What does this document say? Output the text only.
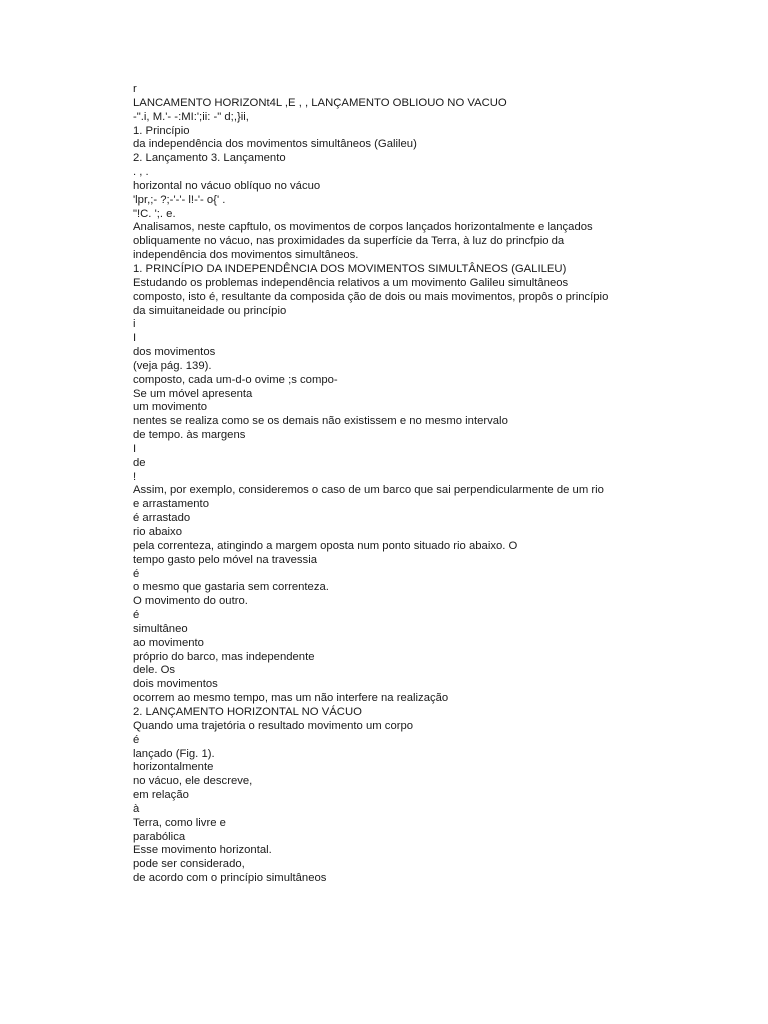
r
LANCAMENTO HORIZONt4L ,E , , LANÇAMENTO OBLIOUO NO VACUO
-".i, M.'- -:MI:';ii: -" d;,}ii,
1. Princípio
da independência dos movimentos simultâneos (Galileu)
2. Lançamento 3. Lançamento
. , .
horizontal no vácuo oblíquo no vácuo
'lpr,;- ?;-'-'- l!-'- o{' .
"!C. ';. e.
Analisamos, neste capftulo, os movimentos de corpos lançados horizontalmente e lançados
obliquamente no vácuo, nas proximidades da superfície da Terra, à luz do princfpio da
independência dos movimentos simultâneos.
1. PRINCÍPIO DA INDEPENDÊNCIA DOS MOVIMENTOS SIMULTÂNEOS (GALILEU)
Estudando os problemas independência relativos a um movimento Galileu simultâneos
composto, isto é, resultante da composida ção de dois ou mais movimentos, propôs o princípio
da simuitaneidade ou princípio
i
I
dos movimentos
(veja pág. 139).
composto, cada um-d-o ovime ;s compo-
Se um móvel apresenta
um movimento
nentes se realiza como se os demais não existissem e no mesmo intervalo
de tempo. às margens
I
de
!
Assim, por exemplo, consideremos o caso de um barco que sai perpendicularmente de um rio
e arrastamento
é arrastado
rio abaixo
pela correnteza, atingindo a margem oposta num ponto situado rio abaixo. O
tempo gasto pelo móvel na travessia
é
o mesmo que gastaria sem correnteza.
O movimento do outro.
é
simultâneo
ao movimento
próprio do barco, mas independente
dele. Os
dois movimentos
ocorrem ao mesmo tempo, mas um não interfere na realização
2. LANÇAMENTO HORIZONTAL NO VÁCUO
Quando uma trajetória o resultado movimento um corpo
é
lançado (Fig. 1).
horizontalmente
no vácuo, ele descreve,
em relação
à
Terra, como livre e
parabólica
Esse movimento horizontal.
pode ser considerado,
de acordo com o princípio simultâneos
